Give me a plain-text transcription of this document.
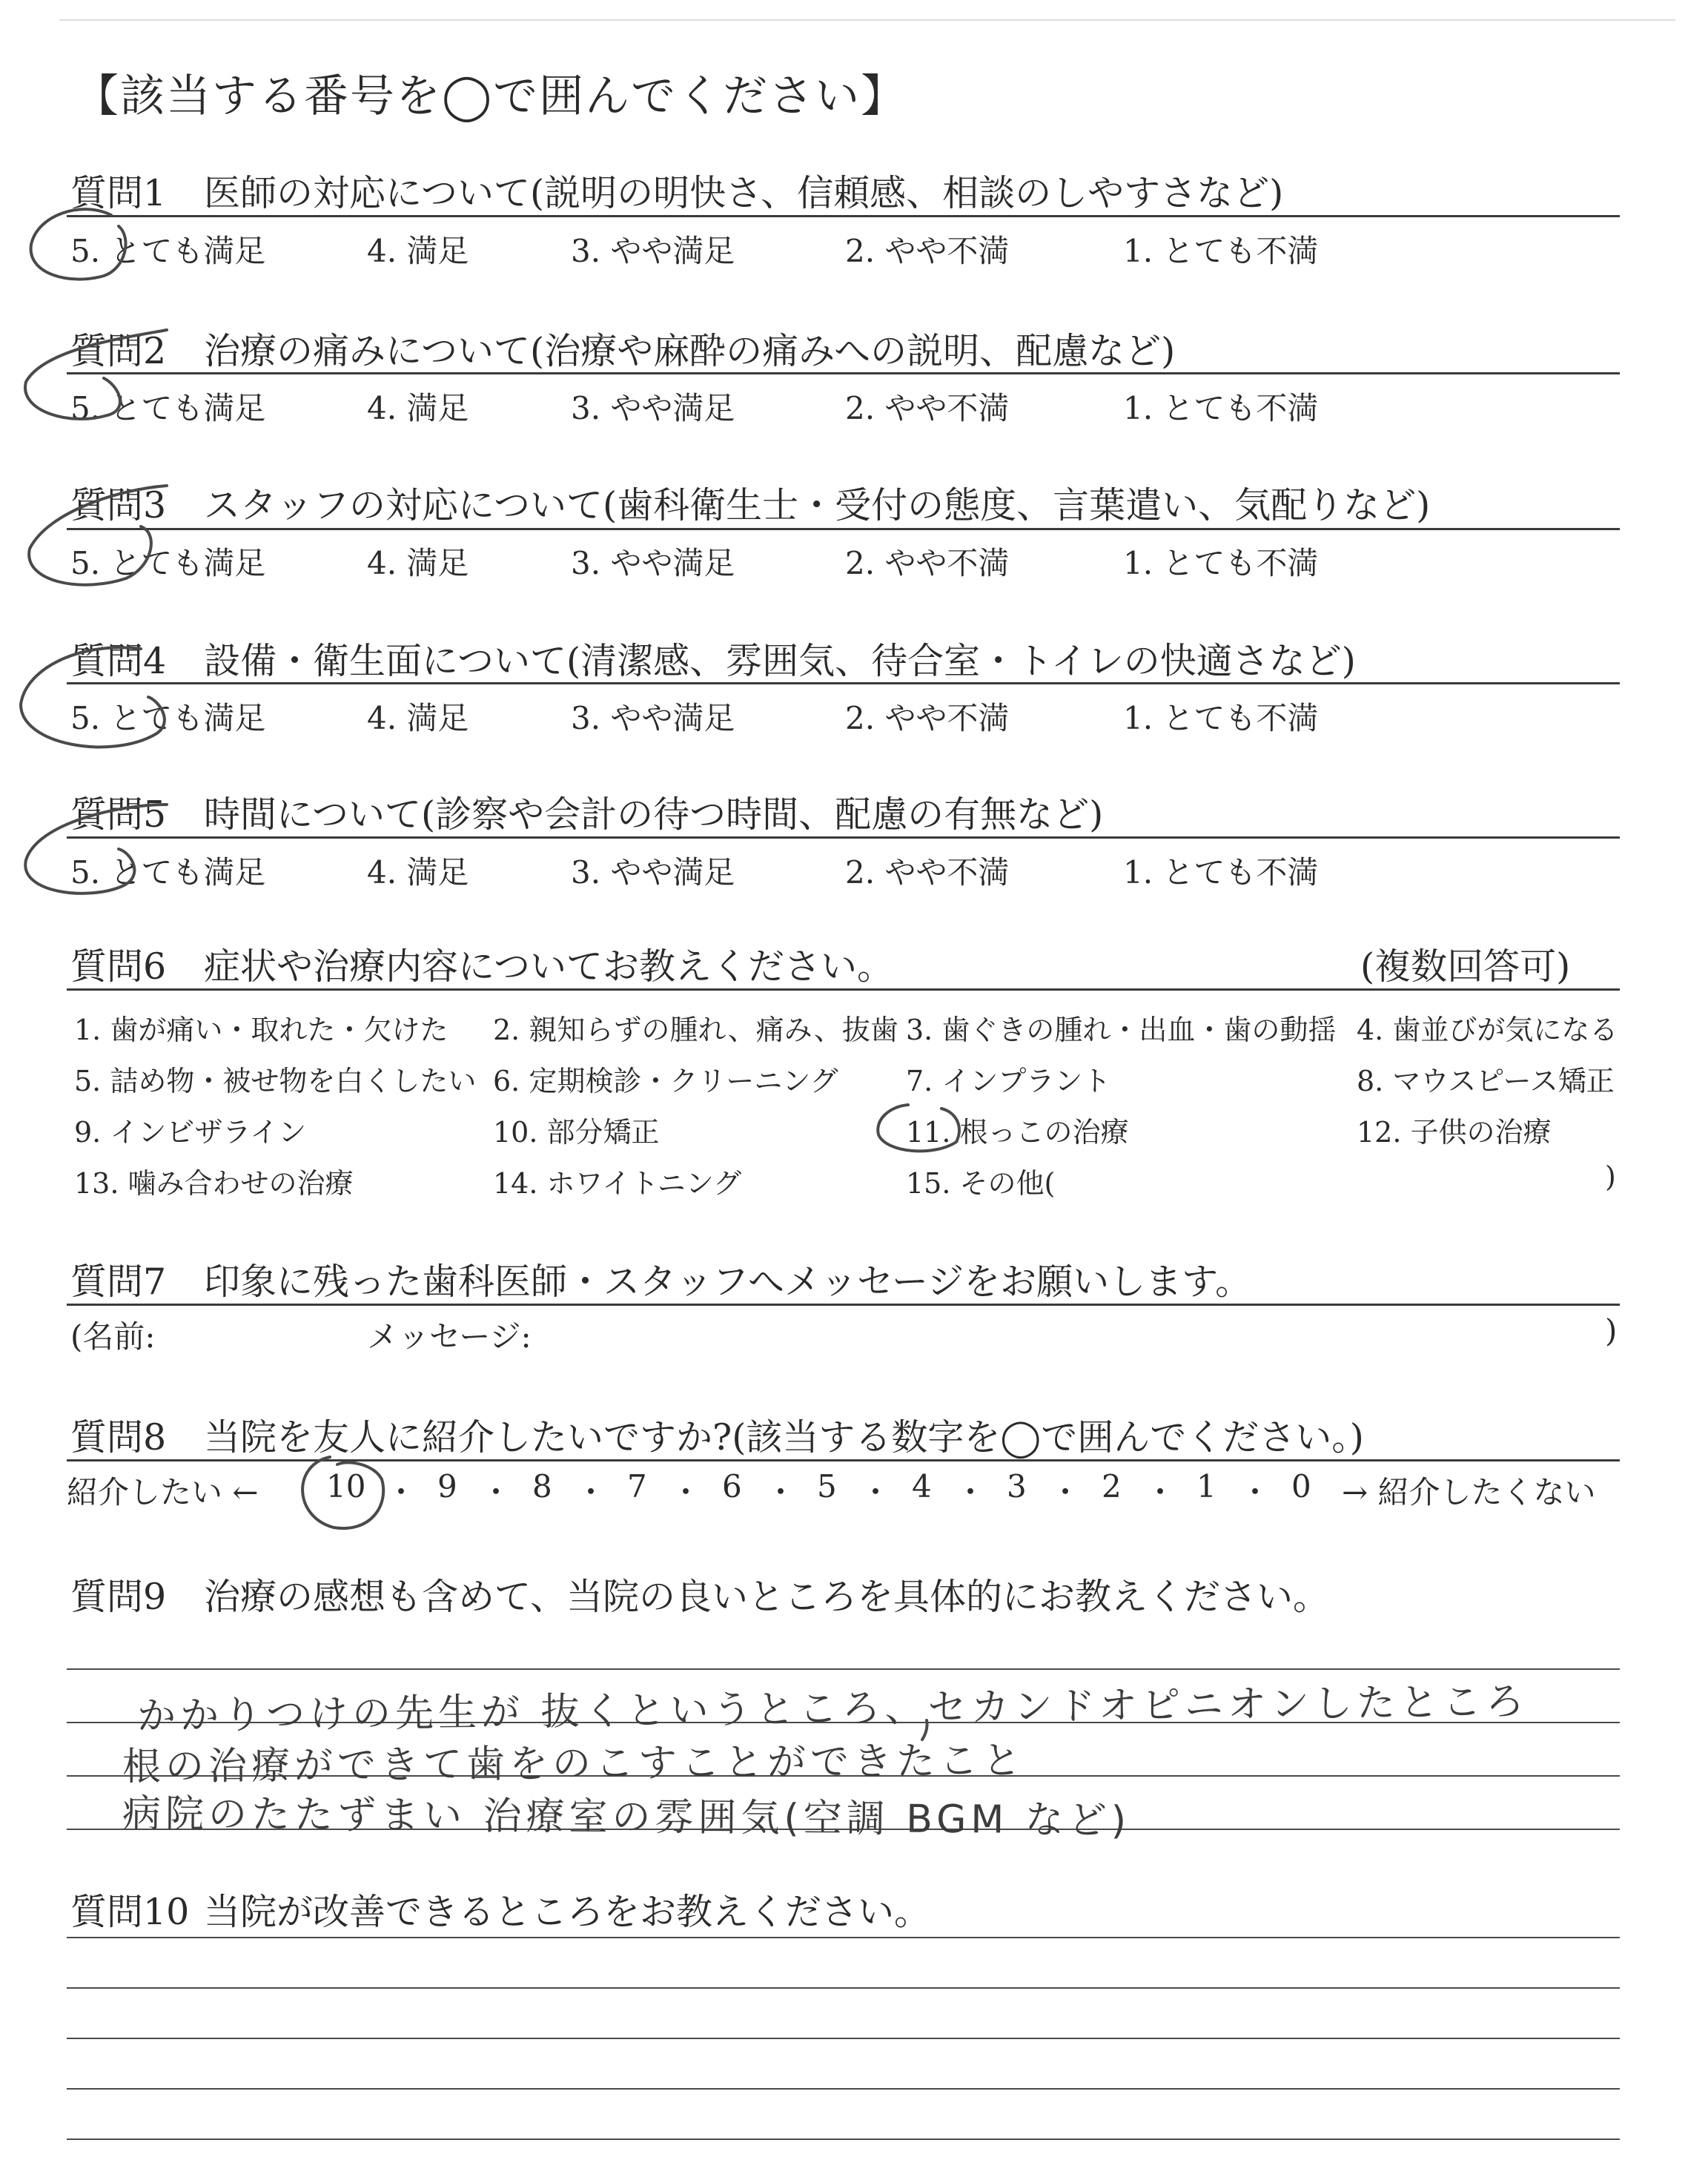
【該当する番号を◯で囲んでください】
質問1 医師の対応について(説明の明快さ、信頼感、相談のしやすさなど)
5. とても満足	4. 満足	3. やや満足	2. やや不満	1. とても不満
質問2 治療の痛みについて(治療や麻酔の痛みへの説明、配慮など)
5. とても満足	4. 満足	3. やや満足	2. やや不満	1. とても不満
質問3 スタッフの対応について(歯科衛生士・受付の態度、言葉遣い、気配りなど)
5. とても満足	4. 満足	3. やや満足	2. やや不満	1. とても不満
質問4 設備・衛生面について(清潔感、雰囲気、待合室・トイレの快適さなど)
5. とても満足	4. 満足	3. やや満足	2. やや不満	1. とても不満
質問5 時間について(診察や会計の待つ時間、配慮の有無など)
5. とても満足	4. 満足	3. やや満足	2. やや不満	1. とても不満
質問6 症状や治療内容についてお教えください。	(複数回答可)
1. 歯が痛い・取れた・欠けた 2. 親知らずの腫れ、痛み、抜歯 3. 歯ぐきの腫れ・出血・歯の動揺 4. 歯並びが気になる
5. 詰め物・被せ物を白くしたい 6. 定期検診・クリーニング 7. インプラント	8. マウスピース矯正
9. インビザライン	10. 部分矯正	11. 根っこの治療	12. 子供の治療
13. 噛み合わせの治療	14. ホワイトニング	15. その他(	)
質問7 印象に残った歯科医師・スタッフへメッセージをお願いします。
(名前:	メッセージ:	)
質問8 当院を友人に紹介したいですか?(該当する数字を◯で囲んでください。)
紹介したい ← 10 ・ 9 ・ 8 ・ 7 ・ 6 ・ 5 ・ 4 ・ 3 ・ 2 ・ 1 ・ 0 → 紹介したくない
質問9 治療の感想も含めて、当院の良いところを具体的にお教えください。
かかりつけの先生が 抜くというところ、セカンドオピニオンしたところ
根の治療ができて歯をのこすことができたこと
病院のたたずまい 治療室の雰囲気(空調 BGM など)
質問10 当院が改善できるところをお教えください。
